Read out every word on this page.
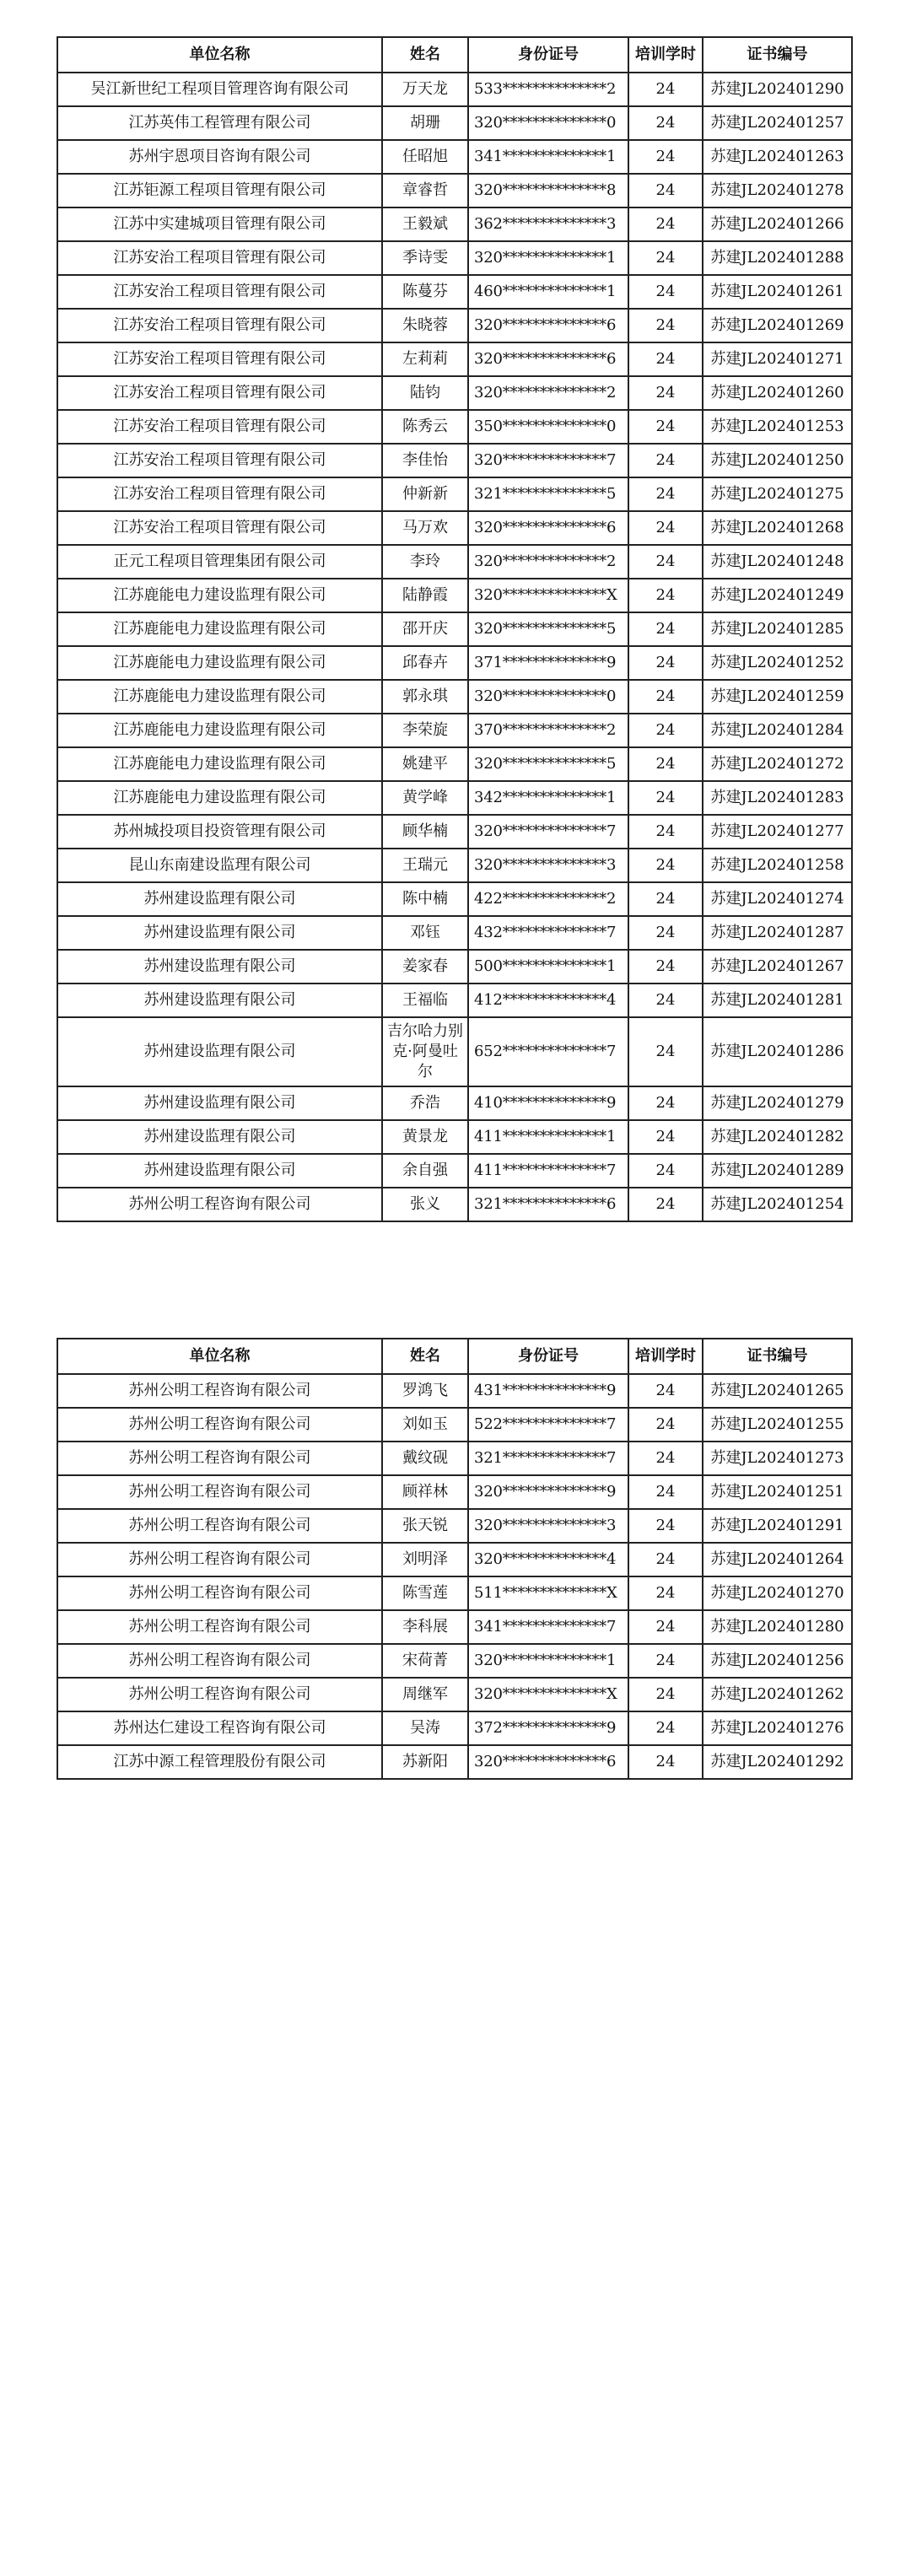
单位名称	姓名	身份证号	培训学时	证书编号
吴江新世纪工程项目管理咨询有限公司	万天龙	533**************2	24	苏建JL202401290
江苏英伟工程管理有限公司	胡珊	320**************0	24	苏建JL202401257
苏州宇恩项目咨询有限公司	任昭旭	341**************1	24	苏建JL202401263
江苏钜源工程项目管理有限公司	章睿哲	320**************8	24	苏建JL202401278
江苏中实建城项目管理有限公司	王毅斌	362**************3	24	苏建JL202401266
江苏安治工程项目管理有限公司	季诗雯	320**************1	24	苏建JL202401288
江苏安治工程项目管理有限公司	陈蔓芬	460**************1	24	苏建JL202401261
江苏安治工程项目管理有限公司	朱晓蓉	320**************6	24	苏建JL202401269
江苏安治工程项目管理有限公司	左莉莉	320**************6	24	苏建JL202401271
江苏安治工程项目管理有限公司	陆钧	320**************2	24	苏建JL202401260
江苏安治工程项目管理有限公司	陈秀云	350**************0	24	苏建JL202401253
江苏安治工程项目管理有限公司	李佳怡	320**************7	24	苏建JL202401250
江苏安治工程项目管理有限公司	仲新新	321**************5	24	苏建JL202401275
江苏安治工程项目管理有限公司	马万欢	320**************6	24	苏建JL202401268
正元工程项目管理集团有限公司	李玲	320**************2	24	苏建JL202401248
江苏鹿能电力建设监理有限公司	陆静霞	320**************X	24	苏建JL202401249
江苏鹿能电力建设监理有限公司	邵开庆	320**************5	24	苏建JL202401285
江苏鹿能电力建设监理有限公司	邱春卉	371**************9	24	苏建JL202401252
江苏鹿能电力建设监理有限公司	郭永琪	320**************0	24	苏建JL202401259
江苏鹿能电力建设监理有限公司	李荣旋	370**************2	24	苏建JL202401284
江苏鹿能电力建设监理有限公司	姚建平	320**************5	24	苏建JL202401272
江苏鹿能电力建设监理有限公司	黄学峰	342**************1	24	苏建JL202401283
苏州城投项目投资管理有限公司	顾华楠	320**************7	24	苏建JL202401277
昆山东南建设监理有限公司	王瑞元	320**************3	24	苏建JL202401258
苏州建设监理有限公司	陈中楠	422**************2	24	苏建JL202401274
苏州建设监理有限公司	邓钰	432**************7	24	苏建JL202401287
苏州建设监理有限公司	姜家春	500**************1	24	苏建JL202401267
苏州建设监理有限公司	王福临	412**************4	24	苏建JL202401281
苏州建设监理有限公司	吉尔哈力别克·阿曼吐尔	652**************7	24	苏建JL202401286
苏州建设监理有限公司	乔浩	410**************9	24	苏建JL202401279
苏州建设监理有限公司	黄景龙	411**************1	24	苏建JL202401282
苏州建设监理有限公司	余自强	411**************7	24	苏建JL202401289
苏州公明工程咨询有限公司	张义	321**************6	24	苏建JL202401254
单位名称	姓名	身份证号	培训学时	证书编号
苏州公明工程咨询有限公司	罗鸿飞	431**************9	24	苏建JL202401265
苏州公明工程咨询有限公司	刘如玉	522**************7	24	苏建JL202401255
苏州公明工程咨询有限公司	戴纹砚	321**************7	24	苏建JL202401273
苏州公明工程咨询有限公司	顾祥林	320**************9	24	苏建JL202401251
苏州公明工程咨询有限公司	张天锐	320**************3	24	苏建JL202401291
苏州公明工程咨询有限公司	刘明泽	320**************4	24	苏建JL202401264
苏州公明工程咨询有限公司	陈雪莲	511**************X	24	苏建JL202401270
苏州公明工程咨询有限公司	李科展	341**************7	24	苏建JL202401280
苏州公明工程咨询有限公司	宋荷菁	320**************1	24	苏建JL202401256
苏州公明工程咨询有限公司	周继军	320**************X	24	苏建JL202401262
苏州达仁建设工程咨询有限公司	吴涛	372**************9	24	苏建JL202401276
江苏中源工程管理股份有限公司	苏新阳	320**************6	24	苏建JL202401292
